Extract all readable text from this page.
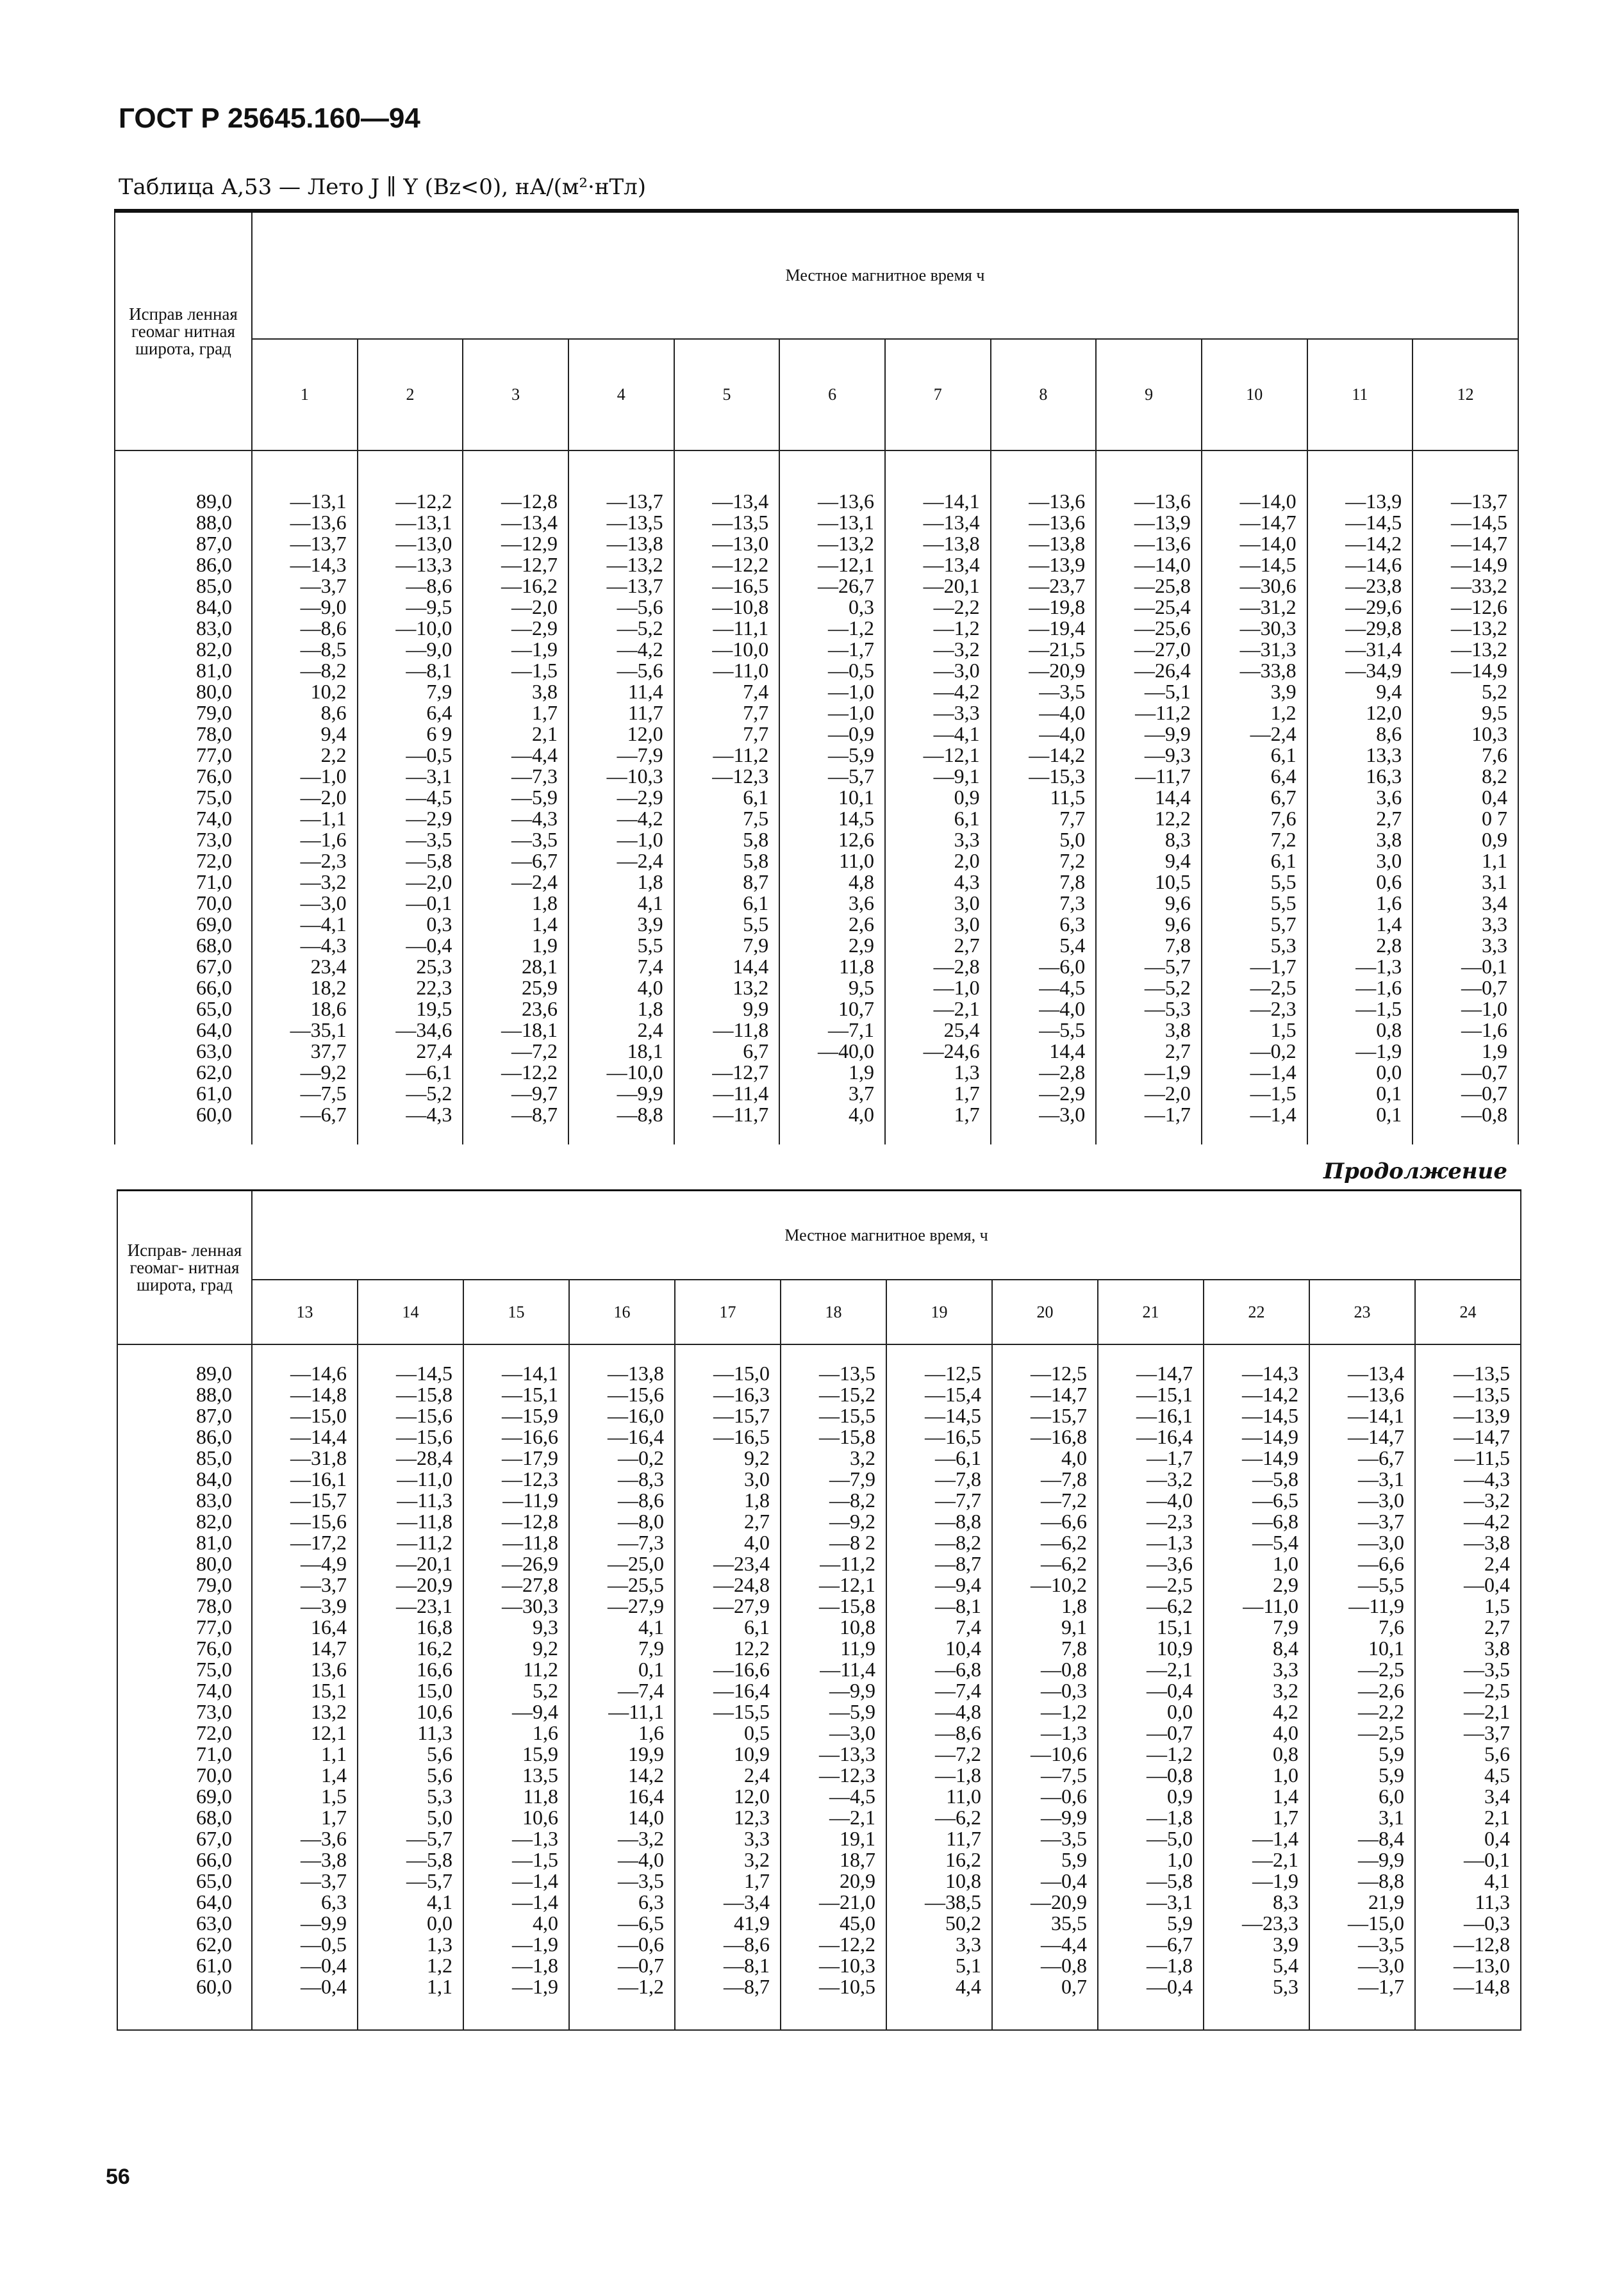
ГОСТ Р 25645.160—94
Таблица A,53 — Лето J ∥ Y (Bz<0), нА/(м²·нТл)
Исправ ленная геомаг нитная широта, град	Местное магнитное время ч											
	1	2	3	4	5	6	7	8	9	10	11	12
89,0	—13,1	—12,2	—12,8	—13,7	—13,4	—13,6	—14,1	—13,6	—13,6	—14,0	—13,9	—13,7
88,0	—13,6	—13,1	—13,4	—13,5	—13,5	—13,1	—13,4	—13,6	—13,9	—14,7	—14,5	—14,5
87,0	—13,7	—13,0	—12,9	—13,8	—13,0	—13,2	—13,8	—13,8	—13,6	—14,0	—14,2	—14,7
86,0	—14,3	—13,3	—12,7	—13,2	—12,2	—12,1	—13,4	—13,9	—14,0	—14,5	—14,6	—14,9
85,0	—3,7	—8,6	—16,2	—13,7	—16,5	—26,7	—20,1	—23,7	—25,8	—30,6	—23,8	—33,2
84,0	—9,0	—9,5	—2,0	—5,6	—10,8	0,3	—2,2	—19,8	—25,4	—31,2	—29,6	—12,6
83,0	—8,6	—10,0	—2,9	—5,2	—11,1	—1,2	—1,2	—19,4	—25,6	—30,3	—29,8	—13,2
82,0	—8,5	—9,0	—1,9	—4,2	—10,0	—1,7	—3,2	—21,5	—27,0	—31,3	—31,4	—13,2
81,0	—8,2	—8,1	—1,5	—5,6	—11,0	—0,5	—3,0	—20,9	—26,4	—33,8	—34,9	—14,9
80,0	10,2	7,9	3,8	11,4	7,4	—1,0	—4,2	—3,5	—5,1	3,9	9,4	5,2
79,0	8,6	6,4	1,7	11,7	7,7	—1,0	—3,3	—4,0	—11,2	1,2	12,0	9,5
78,0	9,4	6 9	2,1	12,0	7,7	—0,9	—4,1	—4,0	—9,9	—2,4	8,6	10,3
77,0	2,2	—0,5	—4,4	—7,9	—11,2	—5,9	—12,1	—14,2	—9,3	6,1	13,3	7,6
76,0	—1,0	—3,1	—7,3	—10,3	—12,3	—5,7	—9,1	—15,3	—11,7	6,4	16,3	8,2
75,0	—2,0	—4,5	—5,9	—2,9	6,1	10,1	0,9	11,5	14,4	6,7	3,6	0,4
74,0	—1,1	—2,9	—4,3	—4,2	7,5	14,5	6,1	7,7	12,2	7,6	2,7	0 7
73,0	—1,6	—3,5	—3,5	—1,0	5,8	12,6	3,3	5,0	8,3	7,2	3,8	0,9
72,0	—2,3	—5,8	—6,7	—2,4	5,8	11,0	2,0	7,2	9,4	6,1	3,0	1,1
71,0	—3,2	—2,0	—2,4	1,8	8,7	4,8	4,3	7,8	10,5	5,5	0,6	3,1
70,0	—3,0	—0,1	1,8	4,1	6,1	3,6	3,0	7,3	9,6	5,5	1,6	3,4
69,0	—4,1	0,3	1,4	3,9	5,5	2,6	3,0	6,3	9,6	5,7	1,4	3,3
68,0	—4,3	—0,4	1,9	5,5	7,9	2,9	2,7	5,4	7,8	5,3	2,8	3,3
67,0	23,4	25,3	28,1	7,4	14,4	11,8	—2,8	—6,0	—5,7	—1,7	—1,3	—0,1
66,0	18,2	22,3	25,9	4,0	13,2	9,5	—1,0	—4,5	—5,2	—2,5	—1,6	—0,7
65,0	18,6	19,5	23,6	1,8	9,9	10,7	—2,1	—4,0	—5,3	—2,3	—1,5	—1,0
64,0	—35,1	—34,6	—18,1	2,4	—11,8	—7,1	25,4	—5,5	3,8	1,5	0,8	—1,6
63,0	37,7	27,4	—7,2	18,1	6,7	—40,0	—24,6	14,4	2,7	—0,2	—1,9	1,9
62,0	—9,2	—6,1	—12,2	—10,0	—12,7	1,9	1,3	—2,8	—1,9	—1,4	0,0	—0,7
61,0	—7,5	—5,2	—9,7	—9,9	—11,4	3,7	1,7	—2,9	—2,0	—1,5	0,1	—0,7
60,0	—6,7	—4,3	—8,7	—8,8	—11,7	4,0	1,7	—3,0	—1,7	—1,4	0,1	—0,8
Продолжение
Исправ- ленная геомаг- нитная широта, град	Местное магнитное время, ч											
	13	14	15	16	17	18	19	20	21	22	23	24
89,0	—14,6	—14,5	—14,1	—13,8	—15,0	—13,5	—12,5	—12,5	—14,7	—14,3	—13,4	—13,5
88,0	—14,8	—15,8	—15,1	—15,6	—16,3	—15,2	—15,4	—14,7	—15,1	—14,2	—13,6	—13,5
87,0	—15,0	—15,6	—15,9	—16,0	—15,7	—15,5	—14,5	—15,7	—16,1	—14,5	—14,1	—13,9
86,0	—14,4	—15,6	—16,6	—16,4	—16,5	—15,8	—16,5	—16,8	—16,4	—14,9	—14,7	—14,7
85,0	—31,8	—28,4	—17,9	—0,2	9,2	3,2	—6,1	4,0	—1,7	—14,9	—6,7	—11,5
84,0	—16,1	—11,0	—12,3	—8,3	3,0	—7,9	—7,8	—7,8	—3,2	—5,8	—3,1	—4,3
83,0	—15,7	—11,3	—11,9	—8,6	1,8	—8,2	—7,7	—7,2	—4,0	—6,5	—3,0	—3,2
82,0	—15,6	—11,8	—12,8	—8,0	2,7	—9,2	—8,8	—6,6	—2,3	—6,8	—3,7	—4,2
81,0	—17,2	—11,2	—11,8	—7,3	4,0	—8 2	—8,2	—6,2	—1,3	—5,4	—3,0	—3,8
80,0	—4,9	—20,1	—26,9	—25,0	—23,4	—11,2	—8,7	—6,2	—3,6	1,0	—6,6	2,4
79,0	—3,7	—20,9	—27,8	—25,5	—24,8	—12,1	—9,4	—10,2	—2,5	2,9	—5,5	—0,4
78,0	—3,9	—23,1	—30,3	—27,9	—27,9	—15,8	—8,1	1,8	—6,2	—11,0	—11,9	1,5
77,0	16,4	16,8	9,3	4,1	6,1	10,8	7,4	9,1	15,1	7,9	7,6	2,7
76,0	14,7	16,2	9,2	7,9	12,2	11,9	10,4	7,8	10,9	8,4	10,1	3,8
75,0	13,6	16,6	11,2	0,1	—16,6	—11,4	—6,8	—0,8	—2,1	3,3	—2,5	—3,5
74,0	15,1	15,0	5,2	—7,4	—16,4	—9,9	—7,4	—0,3	—0,4	3,2	—2,6	—2,5
73,0	13,2	10,6	—9,4	—11,1	—15,5	—5,9	—4,8	—1,2	0,0	4,2	—2,2	—2,1
72,0	12,1	11,3	1,6	1,6	0,5	—3,0	—8,6	—1,3	—0,7	4,0	—2,5	—3,7
71,0	1,1	5,6	15,9	19,9	10,9	—13,3	—7,2	—10,6	—1,2	0,8	5,9	5,6
70,0	1,4	5,6	13,5	14,2	2,4	—12,3	—1,8	—7,5	—0,8	1,0	5,9	4,5
69,0	1,5	5,3	11,8	16,4	12,0	—4,5	11,0	—0,6	0,9	1,4	6,0	3,4
68,0	1,7	5,0	10,6	14,0	12,3	—2,1	—6,2	—9,9	—1,8	1,7	3,1	2,1
67,0	—3,6	—5,7	—1,3	—3,2	3,3	19,1	11,7	—3,5	—5,0	—1,4	—8,4	0,4
66,0	—3,8	—5,8	—1,5	—4,0	3,2	18,7	16,2	5,9	1,0	—2,1	—9,9	—0,1
65,0	—3,7	—5,7	—1,4	—3,5	1,7	20,9	10,8	—0,4	—5,8	—1,9	—8,8	4,1
64,0	6,3	4,1	—1,4	6,3	—3,4	—21,0	—38,5	—20,9	—3,1	8,3	21,9	11,3
63,0	—9,9	0,0	4,0	—6,5	41,9	45,0	50,2	35,5	5,9	—23,3	—15,0	—0,3
62,0	—0,5	1,3	—1,9	—0,6	—8,6	—12,2	3,3	—4,4	—6,7	3,9	—3,5	—12,8
61,0	—0,4	1,2	—1,8	—0,7	—8,1	—10,3	5,1	—0,8	—1,8	5,4	—3,0	—13,0
60,0	—0,4	1,1	—1,9	—1,2	—8,7	—10,5	4,4	0,7	—0,4	5,3	—1,7	—14,8
56
